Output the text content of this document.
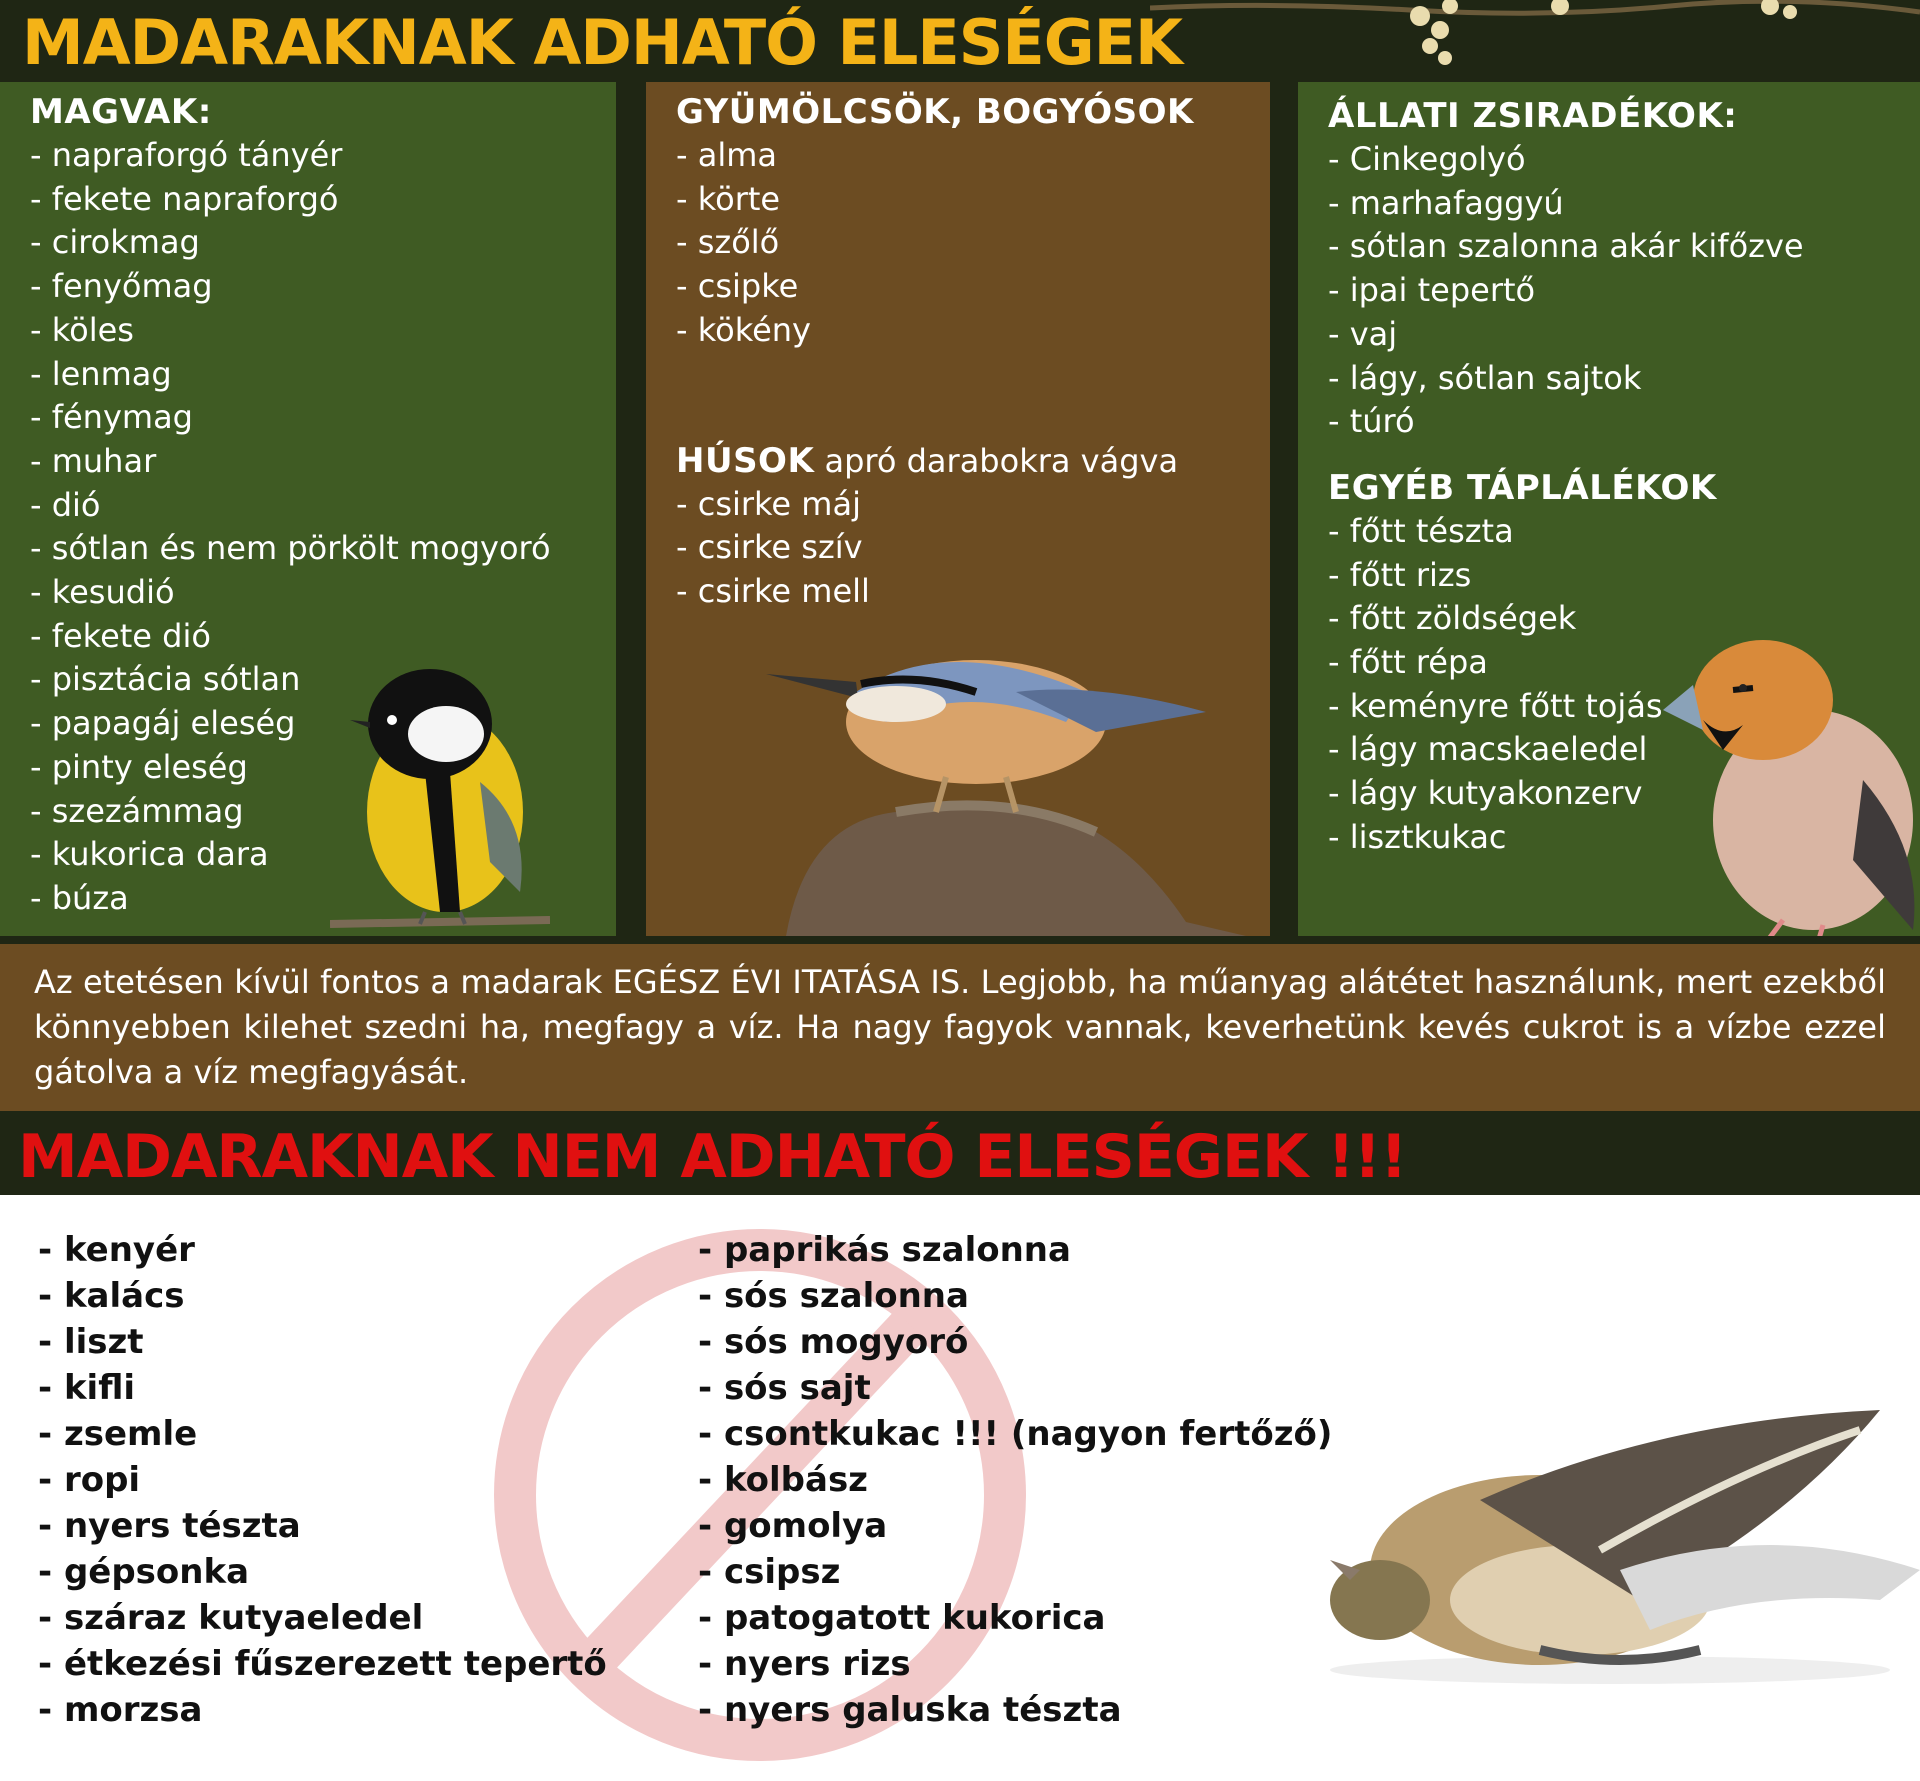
MADARAKNAK ADHATÓ ELESÉGEK
MAGVAK:
- napraforgó tányér
- fekete napraforgó
- cirokmag
- fenyőmag
- köles
- lenmag
- fénymag
- muhar
- dió
- sótlan és nem pörkölt mogyoró
- kesudió
- fekete dió
- pisztácia sótlan
- papagáj eleség
- pinty eleség
- szezámmag
- kukorica dara
- búza
GYÜMÖLCSÖK, BOGYÓSOK
- alma
- körte
- szőlő
- csipke
- kökény
HÚSOK apró darabokra vágva
- csirke máj
- csirke szív
- csirke mell
ÁLLATI ZSIRADÉKOK:
- Cinkegolyó
- marhafaggyú
- sótlan szalonna akár kifőzve
- ipai tepertő
- vaj
- lágy, sótlan sajtok
- túró
EGYÉB TÁPLÁLÉKOK
- főtt tészta
- főtt rizs
- főtt zöldségek
- főtt répa
- keményre főtt tojás
- lágy macskaeledel
- lágy kutyakonzerv
- lisztkukac
Az etetésen kívül fontos a madarak EGÉSZ ÉVI ITATÁSA IS. Legjobb, ha műanyag alátétet használunk, mert ezekből könnyebben kilehet szedni ha, megfagy a víz. Ha nagy fagyok vannak, keverhetünk kevés cukrot is a vízbe ezzel gátolva a víz megfagyását.
MADARAKNAK NEM ADHATÓ ELESÉGEK !!!
- kenyér
- kalács
- liszt
- kifli
- zsemle
- ropi
- nyers tészta
- gépsonka
- száraz kutyaeledel
- étkezési fűszerezett tepertő
- morzsa
- paprikás szalonna
- sós szalonna
- sós mogyoró
- sós sajt
- csontkukac !!! (nagyon fertőző)
- kolbász
- gomolya
- csipsz
- patogatott kukorica
- nyers rizs
- nyers galuska tészta
